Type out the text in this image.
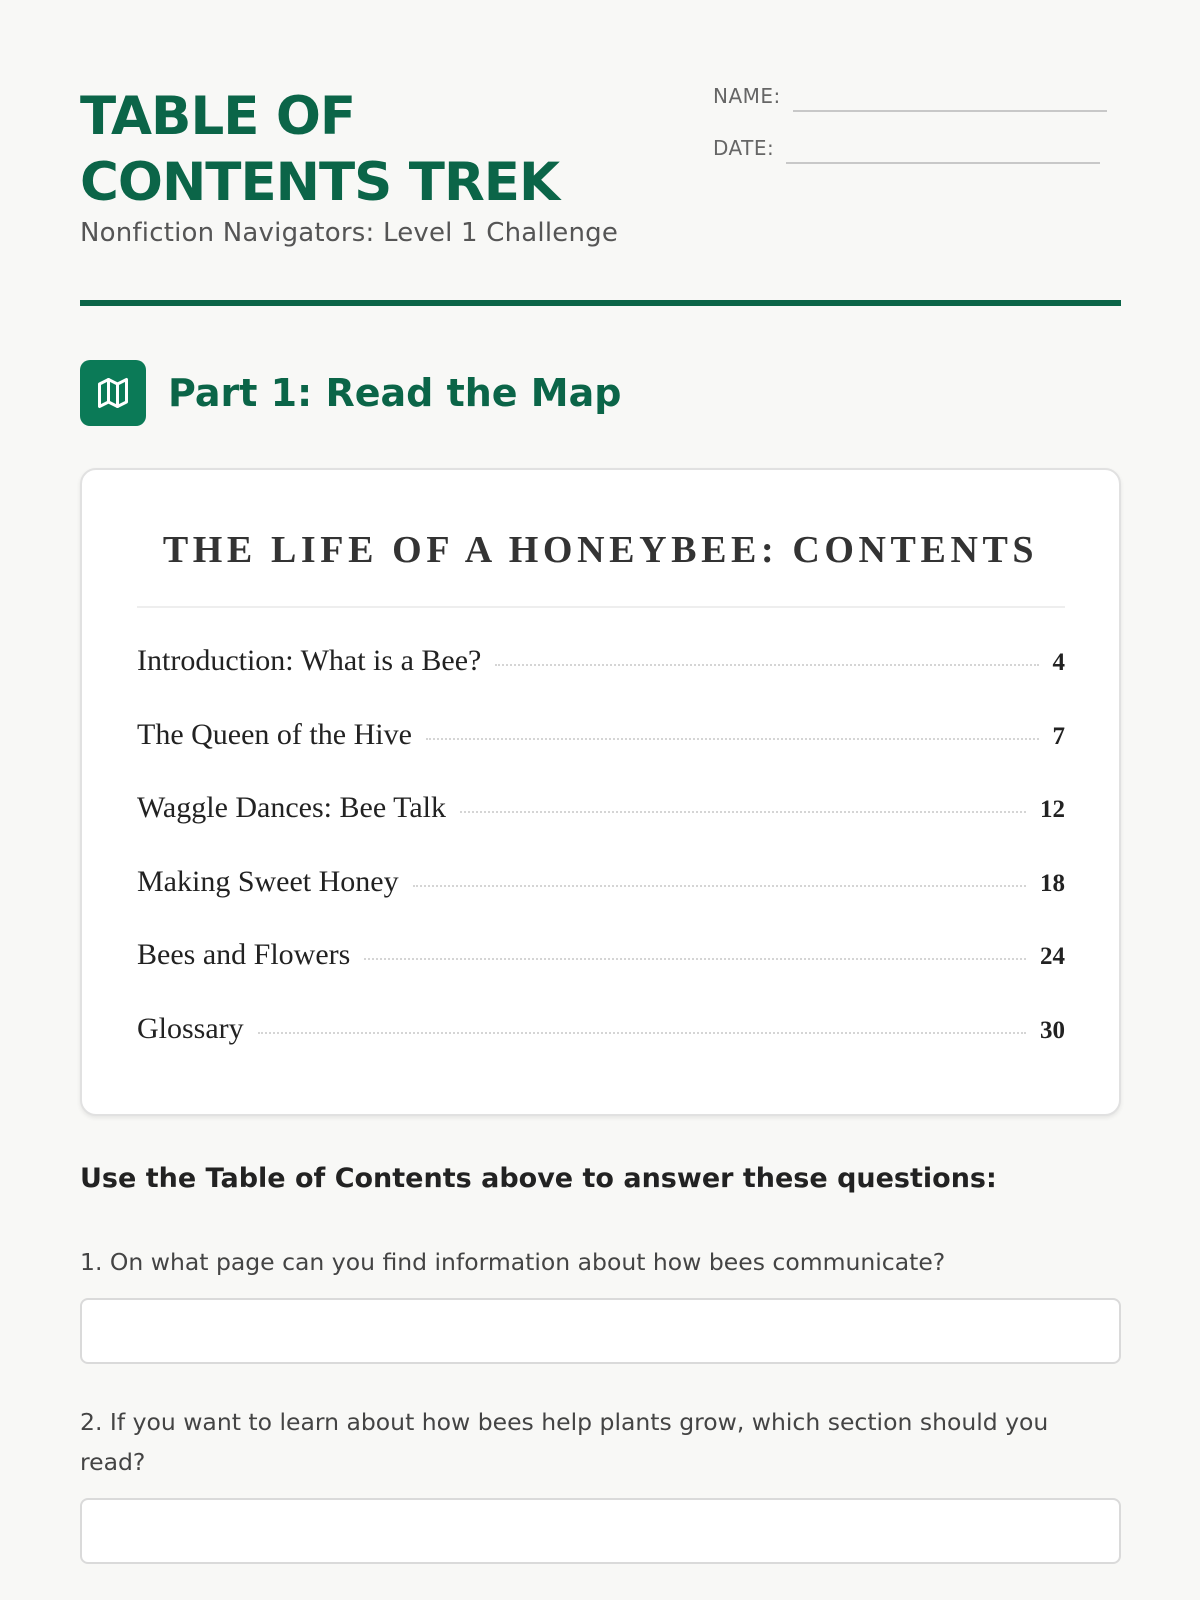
TABLE OF CONTENTS TREK
Nonfiction Navigators: Level 1 Challenge
NAME:
DATE:
Part 1: Read the Map
THE LIFE OF A HONEYBEE: CONTENTS
Introduction: What is a Bee?	4
The Queen of the Hive	7
Waggle Dances: Bee Talk	12
Making Sweet Honey	18
Bees and Flowers	24
Glossary	30
Use the Table of Contents above to answer these questions:
1. On what page can you find information about how bees communicate?
2. If you want to learn about how bees help plants grow, which section should you read?
